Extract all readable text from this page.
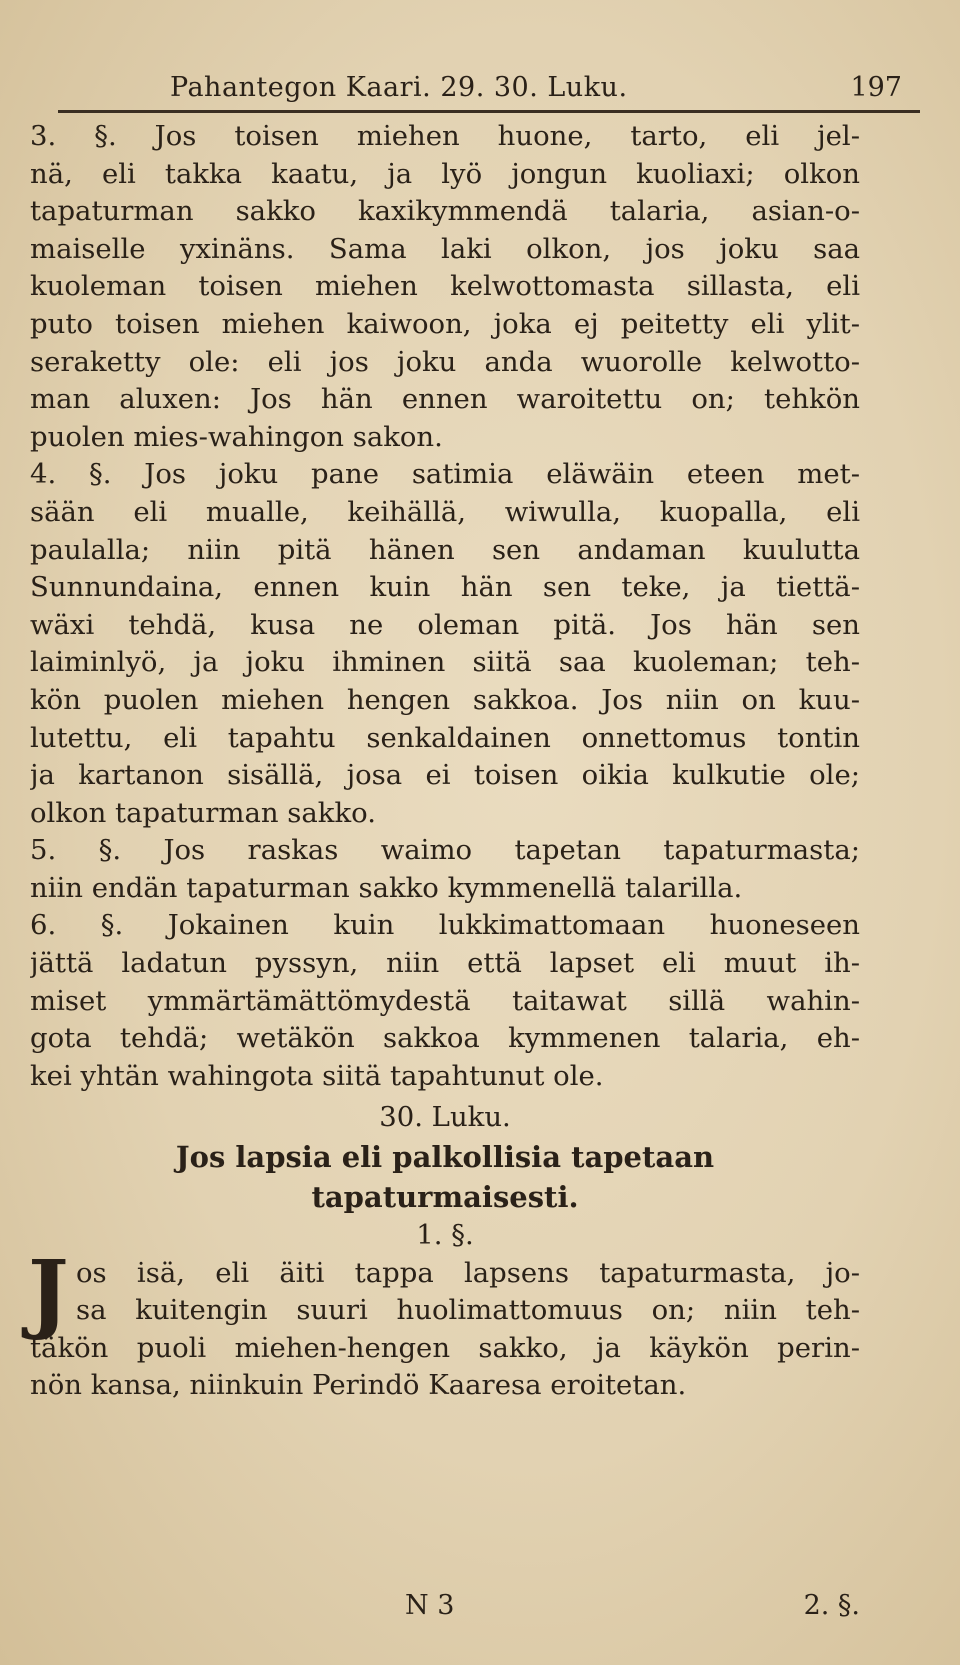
Pahantegon Kaari. 29. 30. Luku.	197
3. §. Jos toisen miehen huone, tarto, eli jel-
nä, eli takka kaatu, ja lyö jongun kuoliaxi; olkon
tapaturman sakko kaxikymmendä talaria, asian-o-
maiselle yxinäns. Sama laki olkon, jos joku saa
kuoleman toisen miehen kelwottomasta sillasta, eli
puto toisen miehen kaiwoon, joka ej peitetty eli ylit-
seraketty ole: eli jos joku anda wuorolle kelwotto-
man aluxen: Jos hän ennen waroitettu on; tehkön
puolen mies-wahingon sakon.
4. §. Jos joku pane satimia eläwäin eteen met-
sään eli mualle, keihällä, wiwulla, kuopalla, eli
paulalla; niin pitä hänen sen andaman kuulutta
Sunnundaina, ennen kuin hän sen teke, ja tiettä-
wäxi tehdä, kusa ne oleman pitä. Jos hän sen
laiminlyö, ja joku ihminen siitä saa kuoleman; teh-
kön puolen miehen hengen sakkoa. Jos niin on kuu-
lutettu, eli tapahtu senkaldainen onnettomus tontin
ja kartanon sisällä, josa ei toisen oikia kulkutie ole;
olkon tapaturman sakko.
5. §. Jos raskas waimo tapetan tapaturmasta;
niin endän tapaturman sakko kymmenellä talarilla.
6. §. Jokainen kuin lukkimattomaan huoneseen
jättä ladatun pyssyn, niin että lapset eli muut ih-
miset ymmärtämättömydestä taitawat sillä wahin-
gota tehdä; wetäkön sakkoa kymmenen talaria, eh-
kei yhtän wahingota siitä tapahtunut ole.
30. Luku.
Jos lapsia eli palkollisia tapetaan
tapaturmaisesti.
1. §.
J os isä, eli äiti tappa lapsens tapaturmasta, jo-
sa kuitengin suuri huolimattomuus on; niin teh-
täkön puoli miehen-hengen sakko, ja käykön perin-
nön kansa, niinkuin Perindö Kaaresa eroitetan.
N 3	2. §.
